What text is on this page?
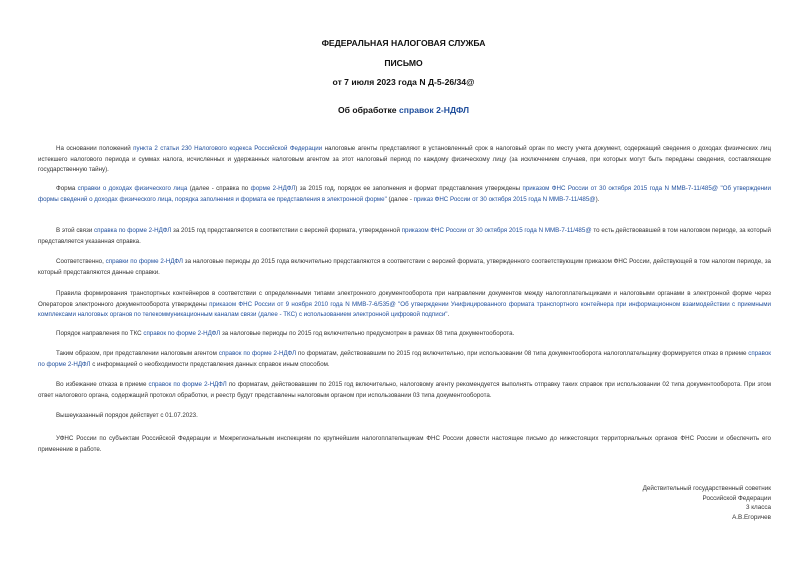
ФЕДЕРАЛЬНАЯ НАЛОГОВАЯ СЛУЖБА
ПИСЬМО
от 7 июля 2023 года N Д-5-26/34@
Об обработке справок 2-НДФЛ
На основании положений пункта 2 статьи 230 Налогового кодекса Российской Федерации налоговые агенты представляют в установленный срок в налоговый орган по месту учета документ, содержащий сведения о доходах физических лиц истекшего налогового периода и суммах налога, исчисленных и удержанных налоговым агентом за этот налоговый период по каждому физическому лицу (за исключением случаев, при которых могут быть переданы сведения, составляющие государственную тайну).
Форма справки о доходах физического лица (далее - справка по форме 2-НДФЛ) за 2015 год, порядок ее заполнения и формат представления утверждены приказом ФНС России от 30 октября 2015 года N ММВ-7-11/485@ "Об утверждении формы сведений о доходах физического лица, порядка заполнения и формата ее представления в электронной форме" (далее - приказ ФНС России от 30 октября 2015 года N ММВ-7-11/485@).
В этой связи справка по форме 2-НДФЛ за 2015 год представляется в соответствии с версией формата, утвержденной приказом ФНС России от 30 октября 2015 года N ММВ-7-11/485@ то есть действовавшей в том налоговом периоде, за который представляется указанная справка.
Соответственно, справки по форме 2-НДФЛ за налоговые периоды до 2015 года включительно представляются в соответствии с версией формата, утвержденного соответствующим приказом ФНС России, действующей в том налогом периоде, за который представляются данные справки.
Правила формирования транспортных контейнеров в соответствии с определенными типами электронного документооборота при направлении документов между налогоплательщиками и налоговыми органами в электронной форме через Операторов электронного документооборота утверждены приказом ФНС России от 9 ноября 2010 года N ММВ-7-6/535@ "Об утверждении Унифицированного формата транспортного контейнера при информационном взаимодействии с приемными комплексами налоговых органов по телекоммуникационным каналам связи (далее - ТКС) с использованием электронной цифровой подписи".
Порядок направления по ТКС справок по форме 2-НДФЛ за налоговые периоды по 2015 год включительно предусмотрен в рамках 08 типа документооборота.
Таким образом, при представлении налоговым агентом справок по форме 2-НДФЛ по форматам, действовавшим по 2015 год включительно, при использовании 08 типа документооборота налогоплательщику формируется отказ в приеме справок по форме 2-НДФЛ с информацией о необходимости представления данных справок иным способом.
Во избежание отказа в приеме справок по форме 2-НДФЛ по форматам, действовавшим по 2015 год включительно, налоговому агенту рекомендуется выполнять отправку таких справок при использовании 02 типа документооборота. При этом ответ налогового органа, содержащий протокол обработки, и реестр будут представлены налоговым органом при использовании 03 типа документооборота.
Вышеуказанный порядок действует с 01.07.2023.
УФНС России по субъектам Российской Федерации и Межрегиональным инспекциям по крупнейшим налогоплательщикам ФНС России довести настоящее письмо до нижестоящих территориальных органов ФНС России и обеспечить его применение в работе.
Действительный государственный советник
Российской Федерации
3 класса
А.В.Егоричев
